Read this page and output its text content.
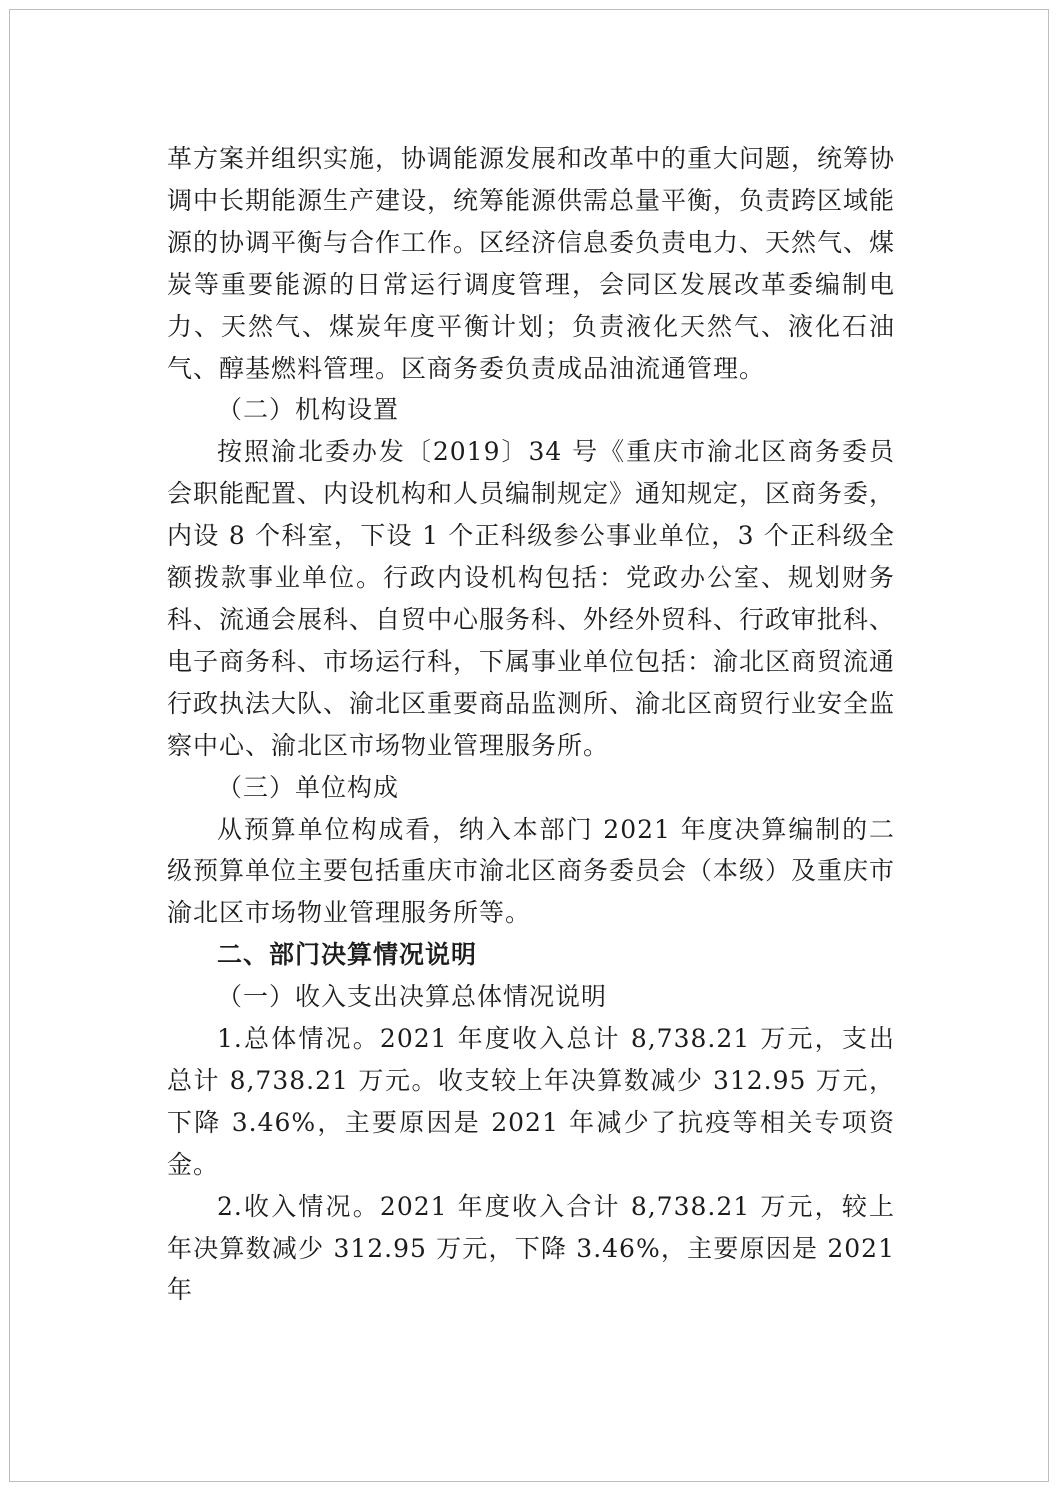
革方案并组织实施，协调能源发展和改革中的重大问题，统筹协调中长期能源生产建设，统筹能源供需总量平衡，负责跨区域能源的协调平衡与合作工作。区经济信息委负责电力、天然气、煤炭等重要能源的日常运行调度管理，会同区发展改革委编制电力、天然气、煤炭年度平衡计划；负责液化天然气、液化石油气、醇基燃料管理。区商务委负责成品油流通管理。

（二）机构设置

按照渝北委办发〔2019〕34 号《重庆市渝北区商务委员会职能配置、内设机构和人员编制规定》通知规定，区商务委，内设 8 个科室，下设 1 个正科级参公事业单位，3 个正科级全额拨款事业单位。行政内设机构包括：党政办公室、规划财务科、流通会展科、自贸中心服务科、外经外贸科、行政审批科、电子商务科、市场运行科，下属事业单位包括：渝北区商贸流通行政执法大队、渝北区重要商品监测所、渝北区商贸行业安全监察中心、渝北区市场物业管理服务所。

（三）单位构成

从预算单位构成看，纳入本部门 2021 年度决算编制的二级预算单位主要包括重庆市渝北区商务委员会（本级）及重庆市渝北区市场物业管理服务所等。

二、部门决算情况说明

（一）收入支出决算总体情况说明

1.总体情况。2021 年度收入总计 8,738.21 万元，支出总计 8,738.21 万元。收支较上年决算数减少 312.95 万元，下降 3.46%，主要原因是 2021 年减少了抗疫等相关专项资金。

2.收入情况。2021 年度收入合计 8,738.21 万元，较上年决算数减少 312.95 万元，下降 3.46%，主要原因是 2021 年
